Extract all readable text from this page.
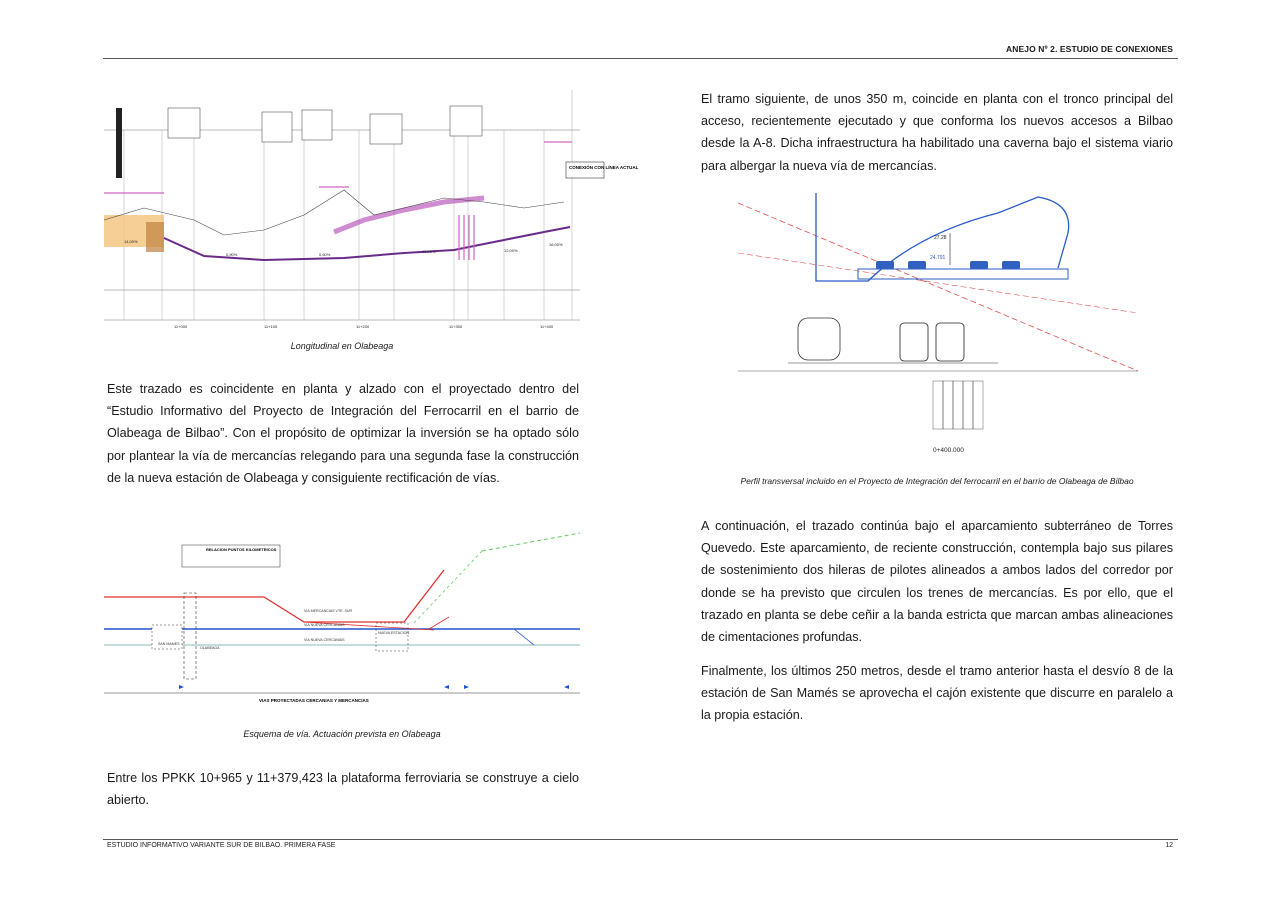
ANEJO Nº 2. ESTUDIO DE CONEXIONES
CONEXIÓN CON LÍNEA ACTUAL
14,00%
0,90%	0,60%
15,00%	12,00%
16,00%
11+000	11+100	11+200	11+300	11+400
Longitudinal en Olabeaga

Este trazado es coincidente en planta y alzado con el proyectado dentro del “Estudio Informativo del Proyecto de Integración del Ferrocarril en el barrio de Olabeaga de Bilbao”. Con el propósito de optimizar la inversión se ha optado sólo por plantear la vía de mercancías relegando para una segunda fase la construcción de la nueva estación de Olabeaga y consiguiente rectificación de vías.

RELACION PUNTOS KILOMETRICOS
VIA MERCANCIAS VTE. SUR
VIA NUEVA CERCANIAS
VIA NUEVA CERCANIAS
NUEVA ESTACION
SAN MAMES
OLABEAGA
VIAS PROYECTADAS CERCANIAS Y MERCANCIAS
Esquema de vía. Actuación prevista en Olabeaga

Entre los PPKK 10+965 y 11+379,423 la plataforma ferroviaria se construye a cielo abierto.

El tramo siguiente, de unos 350 m, coincide en planta con el tronco principal del acceso, recientemente ejecutado y que conforma los nuevos accesos a Bilbao desde la A-8. Dicha infraestructura ha habilitado una caverna bajo el sistema viario para albergar la nueva vía de mercancías.

27.28
24.791
0+400.000
Perfil transversal incluido en el Proyecto de Integración del ferrocarril en el barrio de Olabeaga de Bilbao

A continuación, el trazado continúa bajo el aparcamiento subterráneo de Torres Quevedo. Este aparcamiento, de reciente construcción, contempla bajo sus pilares de sostenimiento dos hileras de pilotes alineados a ambos lados del corredor por donde se ha previsto que circulen los trenes de mercancías. Es por ello, que el trazado en planta se debe ceñir a la banda estricta que marcan ambas alineaciones de cimentaciones profundas.

Finalmente, los últimos 250 metros, desde el tramo anterior hasta el desvío 8 de la estación de San Mamés se aprovecha el cajón existente que discurre en paralelo a la propia estación.

ESTUDIO INFORMATIVO VARIANTE SUR DE BILBAO. PRIMERA FASE	12
